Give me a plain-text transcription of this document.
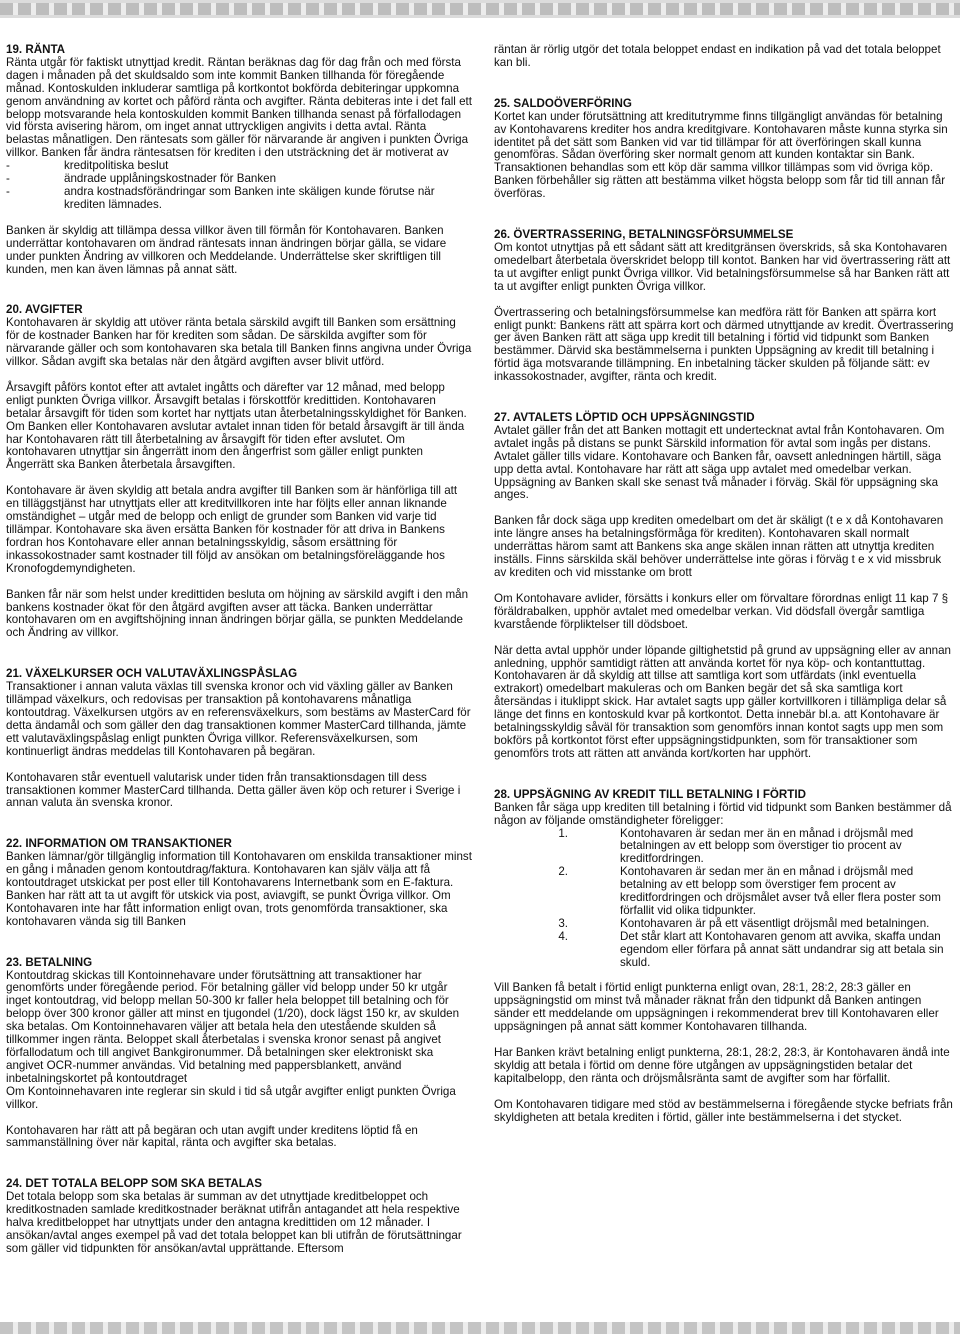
19. RÄNTA

Ränta utgår för faktiskt utnyttjad kredit. Räntan beräknas dag för dag från och med första dagen i månaden på det skuldsaldo som inte kommit Banken tillhanda för föregående månad. Kontoskulden inkluderar samtliga på kortkontot bokförda debiteringar uppkomna genom användning av kortet och påförd ränta och avgifter. Ränta debiteras inte i det fall ett belopp motsvarande hela kontoskulden kommit Banken tillhanda senast på förfallodagen vid första avisering härom, om inget annat uttryckligen angivits i detta avtal. Ränta belastas månatligen. Den räntesats som gäller för närvarande är angiven i punkten Övriga villkor. Banken får ändra räntesatsen för krediten i den utsträckning det är motiverat av

- kreditpolitiska beslut
- ändrade upplåningskostnader för Banken
- andra kostnadsförändringar som Banken inte skäligen kunde förutse när krediten lämnades.

Banken är skyldig att tillämpa dessa villkor även till förmån för Kontohavaren. Banken underrättar kontohavaren om ändrad räntesats innan ändringen börjar gälla, se vidare under punkten Ändring av villkoren och Meddelande. Underrättelse sker skriftligen till kunden, men kan även lämnas på annat sätt.

20. AVGIFTER

Kontohavaren är skyldig att utöver ränta betala särskild avgift till Banken som ersättning för de kostnader Banken har för krediten som sådan. De särskilda avgifter som för närvarande gäller och som kontohavaren ska betala till Banken finns angivna under Övriga villkor. Sådan avgift ska betalas när den åtgärd avgiften avser blivit utförd.

Årsavgift påförs kontot efter att avtalet ingåtts och därefter var 12 månad, med belopp enligt punkten Övriga villkor. Årsavgift betalas i förskottför kredittiden. Kontohavaren betalar årsavgift för tiden som kortet har nyttjats utan återbetalningsskyldighet för Banken. Om Banken eller Kontohavaren avslutar avtalet innan tiden för betald årsavgift är till ända har Kontohavaren rätt till återbetalning av årsavgift för tiden efter avslutet. Om kontohavaren utnyttjar sin ångerrätt inom den ångerfrist som gäller enligt punkten Ångerrätt ska Banken återbetala årsavgiften.

Kontohavare är även skyldig att betala andra avgifter till Banken som är hänförliga till att en tilläggstjänst har utnyttjats eller att kreditvillkoren inte har följts eller annan liknande omständighet – utgår med de belopp och enligt de grunder som Banken vid varje tid tillämpar. Kontohavare ska även ersätta Banken för kostnader för att driva in Bankens fordran hos Kontohavare eller annan betalningsskyldig, såsom ersättning för inkassokostnader samt kostnader till följd av ansökan om betalningsföreläggande hos Kronofogdemyndigheten.

Banken får när som helst under kredittiden besluta om höjning av särskild avgift i den mån bankens kostnader ökat för den åtgärd avgiften avser att täcka. Banken underrättar kontohavaren om en avgiftshöjning innan ändringen börjar gälla, se punkten Meddelande och Ändring av villkor.

21. VÄXELKURSER OCH VALUTAVÄXLINGSPÅSLAG

Transaktioner i annan valuta växlas till svenska kronor och vid växling gäller av Banken tillämpad växelkurs, och redovisas per transaktion på kontohavarens månatliga kontoutdrag. Växelkursen utgörs av en referensväxelkurs, som bestäms av MasterCard för detta ändamål och som gäller den dag transaktionen kommer MasterCard tillhanda, jämte ett valutaväxlingspåslag enligt punkten Övriga villkor. Referensväxelkursen, som kontinuerligt ändras meddelas till Kontohavaren på begäran.

Kontohavaren står eventuell valutarisk under tiden från transaktionsdagen till dess transaktionen kommer MasterCard tillhanda. Detta gäller även köp och returer i Sverige i annan valuta än svenska kronor.

22. INFORMATION OM TRANSAKTIONER

Banken lämnar/gör tillgänglig information till Kontohavaren om enskilda transaktioner minst en gång i månaden genom kontoutdrag/faktura. Kontohavaren kan själv välja att få kontoutdraget utskickat per post eller till Kontohavarens Internetbank som en E-faktura. Banken har rätt att ta ut avgift för utskick via post, aviavgift, se punkt Övriga villkor. Om Kontohavaren inte har fått information enligt ovan, trots genomförda transaktioner, ska kontohavaren vända sig till Banken

23. BETALNING

Kontoutdrag skickas till Kontoinnehavare under förutsättning att transaktioner har genomförts under föregående period. För betalning gäller vid belopp under 50 kr utgår inget kontoutdrag, vid belopp mellan 50-300 kr faller hela beloppet till betalning och för belopp över 300 kronor gäller att minst en tjugondel (1/20), dock lägst 150 kr, av skulden ska betalas. Om Kontoinnehavaren väljer att betala hela den utestående skulden så tillkommer ingen ränta. Beloppet skall återbetalas i svenska kronor senast på angivet förfallodatum och till angivet Bankgironummer. Då betalningen sker elektroniskt ska angivet OCR-nummer användas. Vid betalning med pappersblankett, använd inbetalningskortet på kontoutdraget

Om Kontoinnehavaren inte reglerar sin skuld i tid så utgår avgifter enligt punkten Övriga villkor.

Kontohavaren har rätt att på begäran och utan avgift under kreditens löptid få en sammanställning över när kapital, ränta och avgifter ska betalas.

24. DET TOTALA BELOPP SOM SKA BETALAS

Det totala belopp som ska betalas är summan av det utnyttjade kreditbeloppet och kreditkostnaden samlade kreditkostnader beräknat utifrån antagandet att hela respektive halva kreditbeloppet har utnyttjats under den antagna kredittiden om 12 månader. I ansökan/avtal anges exempel på vad det totala beloppet kan bli utifrån de förutsättningar som gäller vid tidpunkten för ansökan/avtal upprättande. Eftersom

räntan är rörlig utgör det totala beloppet endast en indikation på vad det totala beloppet kan bli.

25. SALDOÖVERFÖRING

Kortet kan under förutsättning att kreditutrymme finns tillgängligt användas för betalning av Kontohavarens krediter hos andra kreditgivare. Kontohavaren måste kunna styrka sin identitet på det sätt som Banken vid var tid tillämpar för att överföringen skall kunna genomföras. Sådan överföring sker normalt genom att kunden kontaktar sin Bank. Transaktionen behandlas som ett köp där samma villkor tillämpas som vid övriga köp. Banken förbehåller sig rätten att bestämma vilket högsta belopp som får tid till annan får överföras.

26. ÖVERTRASSERING, BETALNINGSFÖRSUMMELSE

Om kontot utnyttjas på ett sådant sätt att kreditgränsen överskrids, så ska Kontohavaren omedelbart återbetala överskridet belopp till kontot. Banken har vid övertrassering rätt att ta ut avgifter enligt punkt Övriga villkor. Vid betalningsförsummelse så har Banken rätt att ta ut avgifter enligt punkten Övriga villkor.

Övertrassering och betalningsförsummelse kan medföra rätt för Banken att spärra kort enligt punkt: Bankens rätt att spärra kort och därmed utnyttjande av kredit. Övertrassering ger även Banken rätt att säga upp kredit till betalning i förtid vid tidpunkt som Banken bestämmer. Därvid ska bestämmelserna i punkten Uppsägning av kredit till betalning i förtid äga motsvarande tillämpning. En inbetalning täcker skulden på följande sätt: ev inkassokostnader, avgifter, ränta och kredit.

27. AVTALETS LÖPTID OCH UPPSÄGNINGSTID

Avtalet gäller från det att Banken mottagit ett undertecknat avtal från Kontohavaren. Om avtalet ingås på distans se punkt Särskild information för avtal som ingås per distans. Avtalet gäller tills vidare. Kontohavare och Banken får, oavsett anledningen härtill, säga upp detta avtal. Kontohavare har rätt att säga upp avtalet med omedelbar verkan. Uppsägning av Banken skall ske senast två månader i förväg. Skäl för uppsägning ska anges.

Banken får dock säga upp krediten omedelbart om det är skäligt (t e x då Kontohavaren inte längre anses ha betalningsförmåga för krediten). Kontohavaren skall normalt underrättas härom samt att Bankens ska ange skälen innan rätten att utnyttja krediten inställs. Finns särskilda skäl behöver underrättelse inte göras i förväg t e x vid missbruk av krediten och vid misstanke om brott

Om Kontohavare avlider, försätts i konkurs eller om förvaltare förordnas enligt 11 kap 7 § föräldrabalken, upphör avtalet med omedelbar verkan. Vid dödsfall övergår samtliga kvarstående förpliktelser till dödsboet.

När detta avtal upphör under löpande giltighetstid på grund av uppsägning eller av annan anledning, upphör samtidigt rätten att använda kortet för nya köp- och kontanttuttag. Kontohavaren är då skyldig att tillse att samtliga kort som utfärdats (inkl eventuella extrakort) omedelbart makuleras och om Banken begär det så ska samtliga kort återsändas i ituklippt skick. Har avtalet sagts upp gäller kortvillkoren i tillämpliga delar så länge det finns en kontoskuld kvar på kortkontot. Detta innebär bl.a. att Kontohavare är betalningsskyldig såväl för transaktion som genomförs innan kontot sagts upp men som bokförs på kortkontot först efter uppsägningstidpunkten, som för transaktioner som genomförs trots att rätten att använda kort/korten har upphört.

28. UPPSÄGNING AV KREDIT TILL BETALNING I FÖRTID

Banken får säga upp krediten till betalning i förtid vid tidpunkt som Banken bestämmer då någon av följande omständigheter föreligger:

1.	Kontohavaren är sedan mer än en månad i dröjsmål med betalningen av ett belopp som överstiger tio procent av kreditfordringen.
2.	Kontohavaren är sedan mer än en månad i dröjsmål med betalning av ett belopp som överstiger fem procent av kreditfordringen och dröjsmålet avser två eller flera poster som förfallit vid olika tidpunkter.
3.	Kontohavaren är på ett väsentligt dröjsmål med betalningen.
4.	Det står klart att Kontohavaren genom att avvika, skaffa undan egendom eller förfara på annat sätt undandrar sig att betala sin skuld.

Vill Banken få betalt i förtid enligt punkterna enligt ovan, 28:1, 28:2, 28:3 gäller en uppsägningstid om minst två månader räknat från den tidpunkt då Banken antingen sänder ett meddelande om uppsägningen i rekommenderat brev till Kontohavaren eller uppsägningen på annat sätt kommer Kontohavaren tillhanda.

Har Banken krävt betalning enligt punkterna, 28:1, 28:2, 28:3, är Kontohavaren ändå inte skyldig att betala i förtid om denne före utgången av uppsägningstiden betalar det kapitalbelopp, den ränta och dröjsmålsränta samt de avgifter som har förfallit.

Om Kontohavaren tidigare med stöd av bestämmelserna i föregående stycke befriats från skyldigheten att betala krediten i förtid, gäller inte bestämmelserna i det stycket.
